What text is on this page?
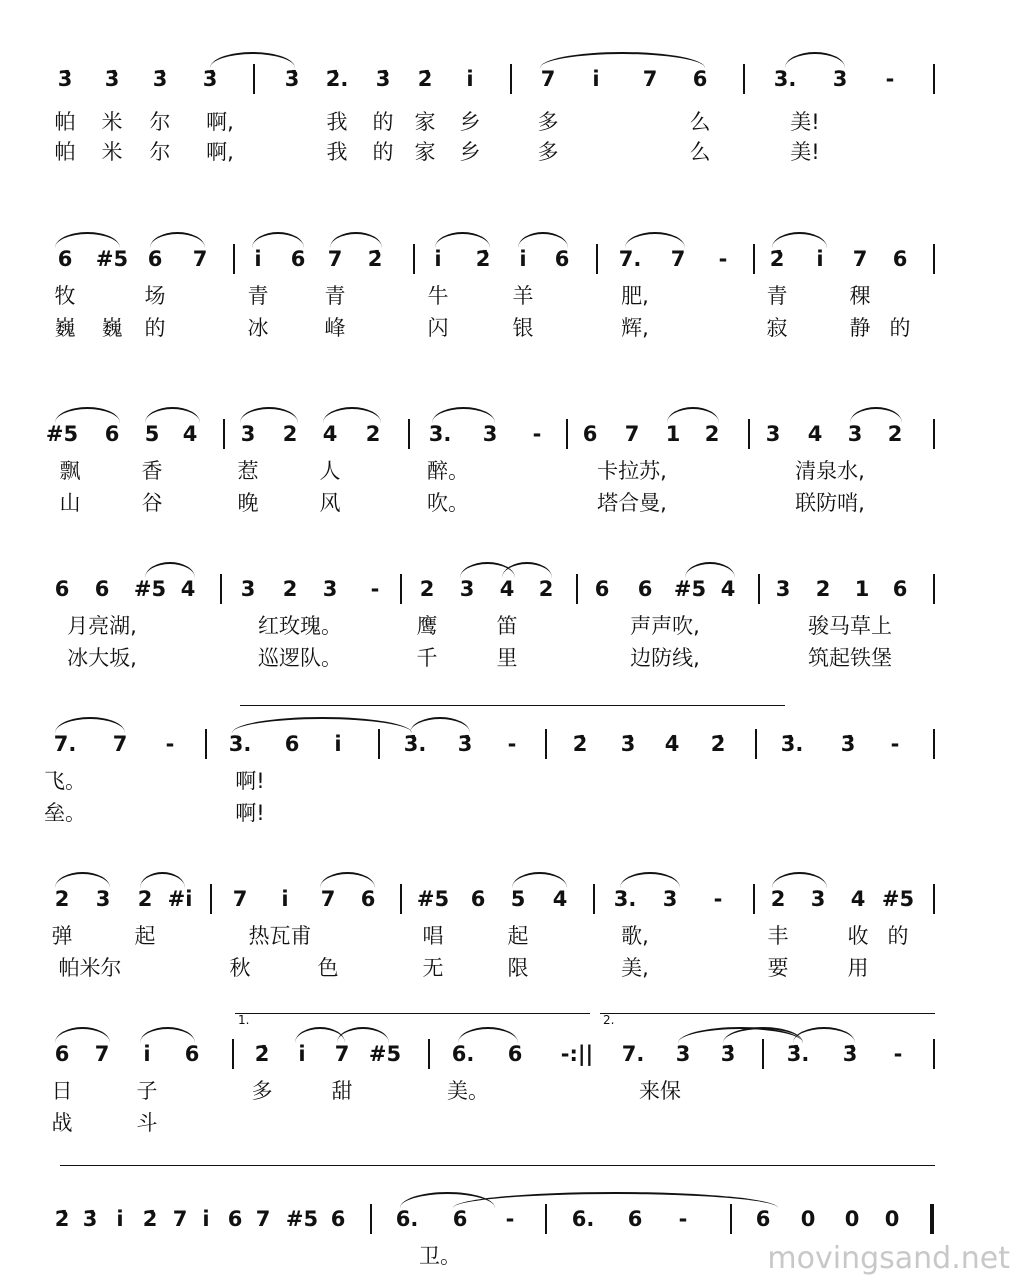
3̇ 3̇ 3̇ 3̇	3̇ 2̇. 3̇ 2̇ i	7 i 7 6	3. 3 -
帕 米 尔 啊,	我 的 家 乡	多	么	美!
帕 米 尔 啊,	我 的 家 乡	多	么	美!
6 #5 6 7 i 6 7 2̇ i 2̇ i 6 7. 7 - 2̇ i 7 6
牧	场	青	青	牛	羊	肥,	青	稞
巍 巍 的	冰	峰	闪	银	辉,	寂	静 的
#5 6 5 4 3 2 4 2 3. 3 - 6 7 1 2 3 4 3 2
飘	香	惹	人	醉。	卡拉苏,	清泉水,
山	谷	晚	风	吹。	塔合曼,	联防哨,
6 6 #5 4 3 2 3 - 2 3 4 2 6 6 #5 4 3 2 1 6
月亮湖,	红玫瑰。	鹰	笛	声声吹,	骏马草上
冰大坂,	巡逻队。	千	里	边防线,	筑起铁堡
7. 7 -	3. 6 i	3̇. 3̇ -	2̇ 3̇ 4̇ 2̇	3̇. 3̇ -
飞。	啊!
垒。	啊!
2 3 2 #i 7 i 7 6 #5 6 5 4 3. 3 - 2 3 4 #5
弹	起	热瓦甫	唱	起	歌,	丰	收 的
帕米尔	秋	色	无	限	美,	要	用
1.	2.
6 7 i 6	2̇ i 7 #5 6. 6 -:|| 7. 3 3̇ 3̇. 3̇ -
日	子	多	甜	美。	来保
战	斗
2̇ 3̇ i 2̇ 7 i 6 7 #5 6 6. 6 -	6. 6 -	6 0 0 0
卫。	movingsand.net
